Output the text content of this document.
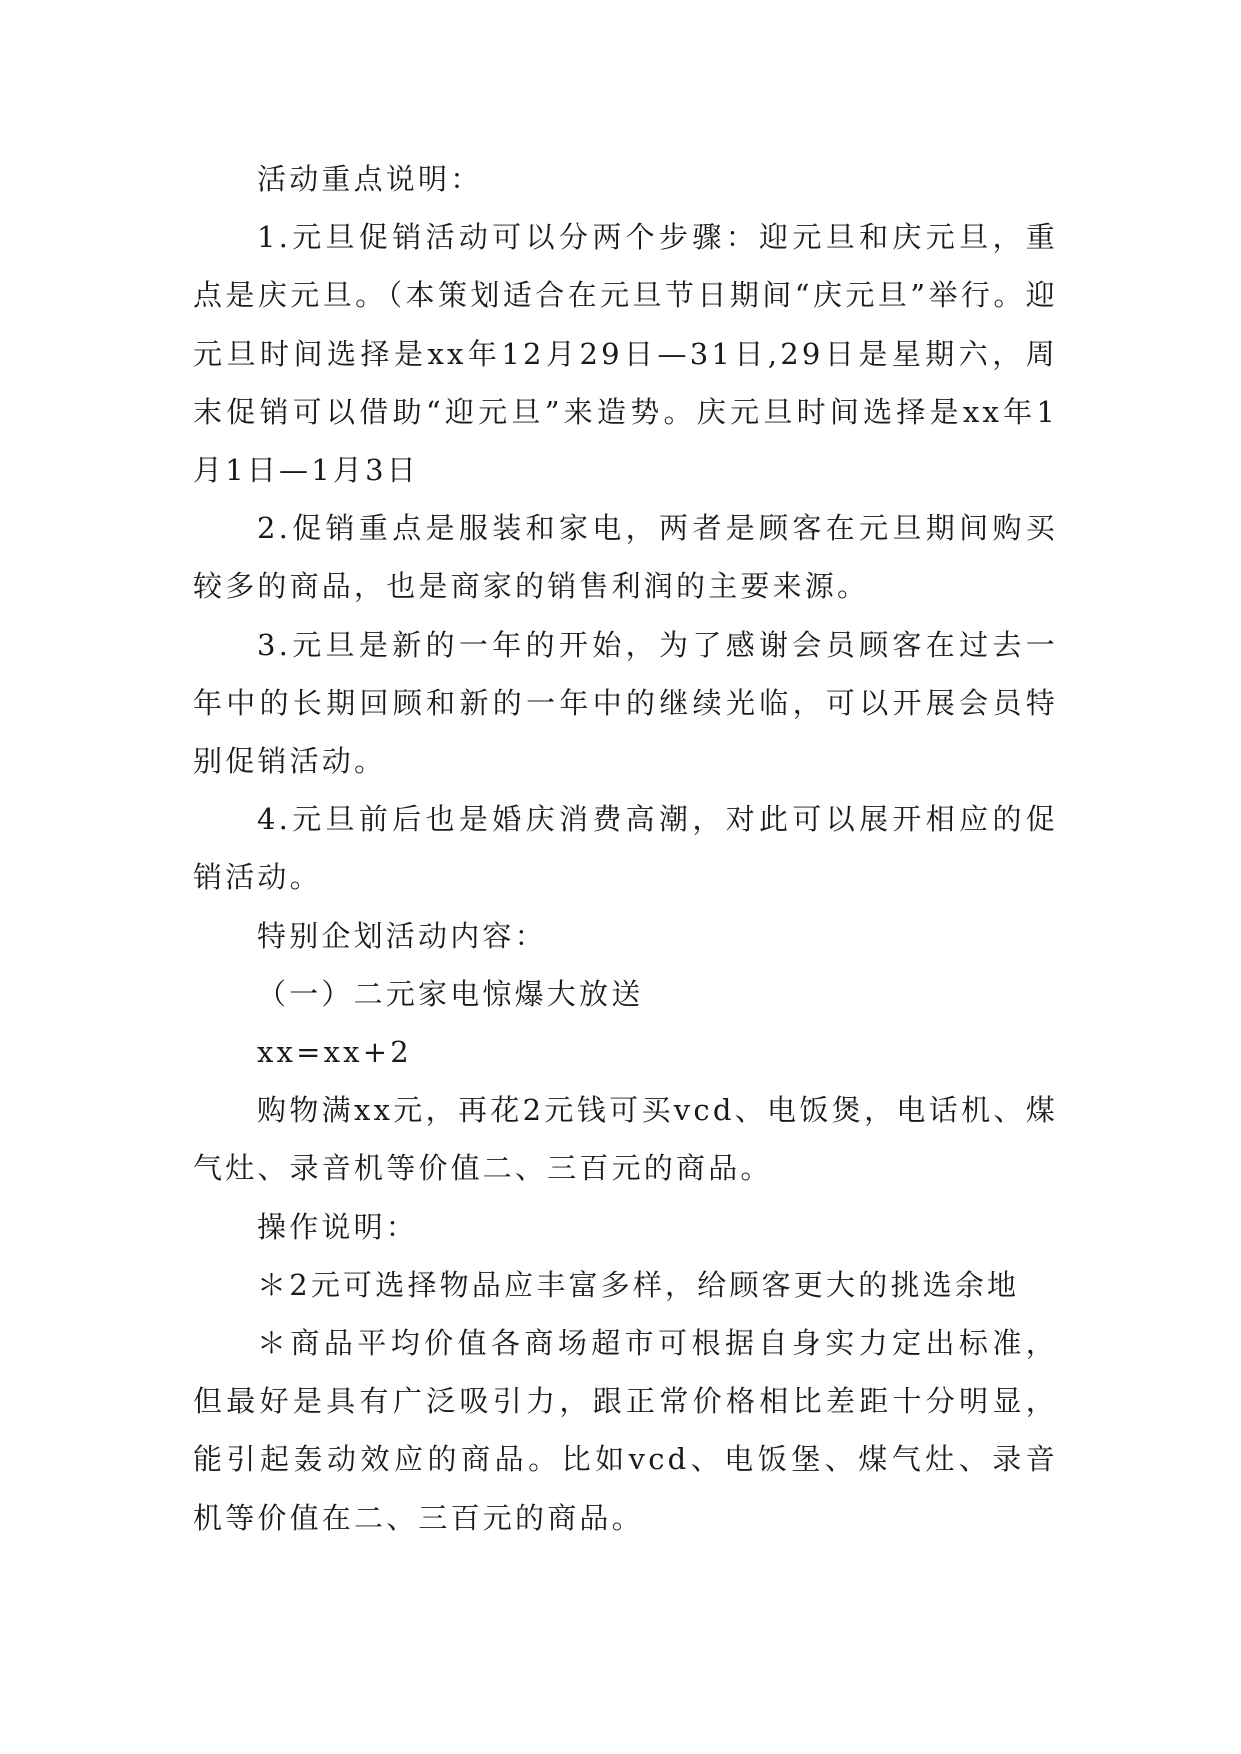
活动重点说明：

1.元旦促销活动可以分两个步骤：迎元旦和庆元旦，重点是庆元旦。（本策划适合在元旦节日期间“庆元旦”举行。迎元旦时间选择是xx年12月29日—31日,29日是星期六，周末促销可以借助“迎元旦”来造势。庆元旦时间选择是xx年1月1日—1月3日

2.促销重点是服装和家电，两者是顾客在元旦期间购买较多的商品，也是商家的销售利润的主要来源。

3.元旦是新的一年的开始，为了感谢会员顾客在过去一年中的长期回顾和新的一年中的继续光临，可以开展会员特别促销活动。

4.元旦前后也是婚庆消费高潮，对此可以展开相应的促销活动。

特别企划活动内容：

（一）二元家电惊爆大放送

xx=xx+2

购物满xx元，再花2元钱可买vcd、电饭煲，电话机、煤气灶、录音机等价值二、三百元的商品。

操作说明：

＊2元可选择物品应丰富多样，给顾客更大的挑选余地

＊商品平均价值各商场超市可根据自身实力定出标准，但最好是具有广泛吸引力，跟正常价格相比差距十分明显，能引起轰动效应的商品。比如vcd、电饭堡、煤气灶、录音机等价值在二、三百元的商品。
